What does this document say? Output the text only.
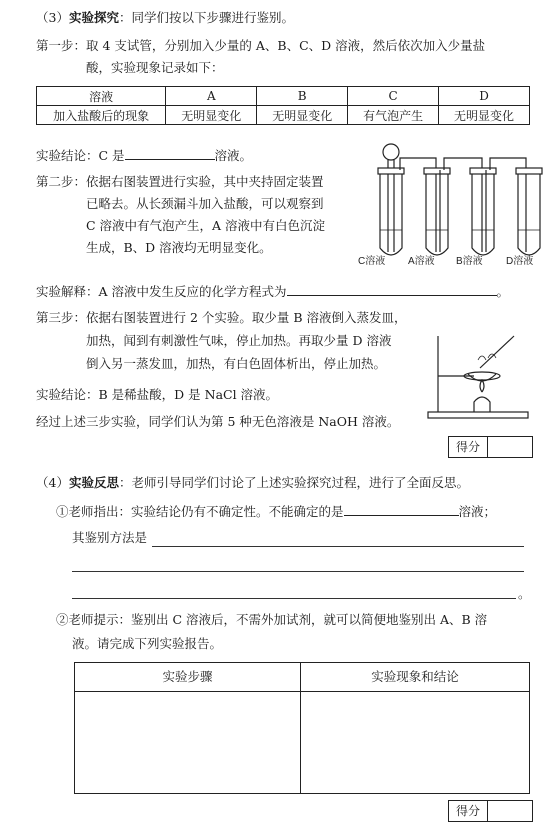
（3）实验探究：同学们按以下步骤进行鉴别。
第一步：取 4 支试管，分别加入少量的 A、B、C、D 溶液，然后依次加入少量盐
酸，实验现象记录如下：
溶液	A	B	C	D
加入盐酸后的现象	无明显变化	无明显变化	有气泡产生	无明显变化
实验结论：C 是	溶液。
第二步：依据右图装置进行实验，其中夹持固定装置
已略去。从长颈漏斗加入盐酸，可以观察到
C 溶液中有气泡产生，A 溶液中有白色沉淀
生成，B、D 溶液均无明显变化。
C溶液 A溶液 B溶液 D溶液
实验解释：A 溶液中发生反应的化学方程式为	。
第三步：依据右图装置进行 2 个实验。取少量 B 溶液倒入蒸发皿，
加热，闻到有刺激性气味，停止加热。再取少量 D 溶液
倒入另一蒸发皿，加热，有白色固体析出，停止加热。
实验结论：B 是稀盐酸，D 是 NaCl 溶液。
经过上述三步实验，同学们认为第 5 种无色溶液是 NaOH 溶液。
得分
（4）实验反思：老师引导同学们讨论了上述实验探究过程，进行了全面反思。
①老师指出：实验结论仍有不确定性。不能确定的是	溶液；
其鉴别方法是
。
②老师提示：鉴别出 C 溶液后，不需外加试剂，就可以简便地鉴别出 A、B 溶
液。请完成下列实验报告。
实验步骤	实验现象和结论
得分
